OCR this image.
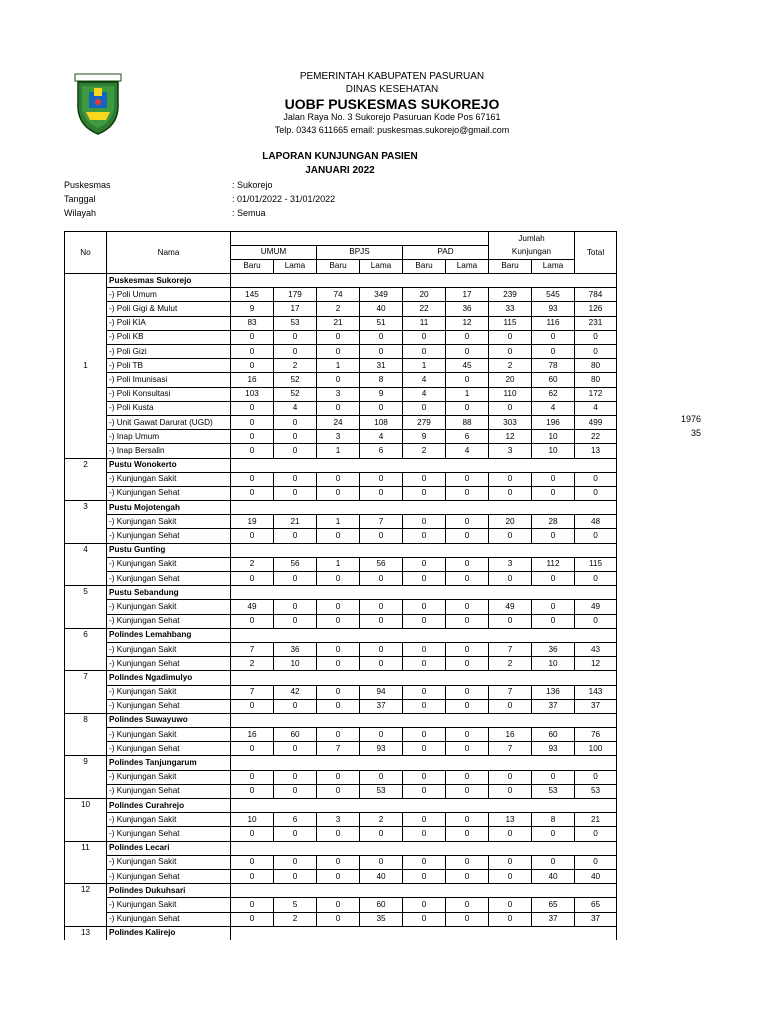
PEMERINTAH KABUPATEN PASURUAN
DINAS KESEHATAN
UOBF PUSKESMAS SUKOREJO
Jalan Raya No. 3 Sukorejo Pasuruan Kode Pos 67161
Telp. 0343 611665 email: puskesmas.sukorejo@gmail.com
LAPORAN KUNJUNGAN PASIEN
JANUARI 2022
Puskesmas	: Sukorejo
Tanggal	: 01/01/2022 - 31/01/2022
Wilayah	: Semua
1976
35
No	Nama							Jumlah		Total
		UMUM		BPJS		PAD		Kunjungan		
		Baru	Lama	Baru	Lama	Baru	Lama	Baru	Lama	
1	Puskesmas Sukorejo									
	-) Poli Umum	145	179	74	349	20	17	239	545	784
	-) Poli Gigi & Mulut	9	17	2	40	22	36	33	93	126
	-) Poli KIA	83	53	21	51	11	12	115	116	231
	-) Poli KB	0	0	0	0	0	0	0	0	0
	-) Poli Gizi	0	0	0	0	0	0	0	0	0
	-) Poli TB	0	2	1	31	1	45	2	78	80
	-) Poli Imunisasi	16	52	0	8	4	0	20	60	80
	-) Poli Konsultasi	103	52	3	9	4	1	110	62	172
	-) Poli Kusta	0	4	0	0	0	0	0	4	4
	-) Unit Gawat Darurat (UGD)	0	0	24	108	279	88	303	196	499
	-) Inap Umum	0	0	3	4	9	6	12	10	22
	-) Inap Bersalin	0	0	1	6	2	4	3	10	13
2	Pustu Wonokerto									
	-) Kunjungan Sakit	0	0	0	0	0	0	0	0	0
	-) Kunjungan Sehat	0	0	0	0	0	0	0	0	0
3	Pustu Mojotengah									
	-) Kunjungan Sakit	19	21	1	7	0	0	20	28	48
	-) Kunjungan Sehat	0	0	0	0	0	0	0	0	0
4	Pustu Gunting									
	-) Kunjungan Sakit	2	56	1	56	0	0	3	112	115
	-) Kunjungan Sehat	0	0	0	0	0	0	0	0	0
5	Pustu Sebandung									
	-) Kunjungan Sakit	49	0	0	0	0	0	49	0	49
	-) Kunjungan Sehat	0	0	0	0	0	0	0	0	0
6	Polindes Lemahbang									
	-) Kunjungan Sakit	7	36	0	0	0	0	7	36	43
	-) Kunjungan Sehat	2	10	0	0	0	0	2	10	12
7	Polindes Ngadimulyo									
	-) Kunjungan Sakit	7	42	0	94	0	0	7	136	143
	-) Kunjungan Sehat	0	0	0	37	0	0	0	37	37
8	Polindes Suwayuwo									
	-) Kunjungan Sakit	16	60	0	0	0	0	16	60	76
	-) Kunjungan Sehat	0	0	7	93	0	0	7	93	100
9	Polindes Tanjungarum									
	-) Kunjungan Sakit	0	0	0	0	0	0	0	0	0
	-) Kunjungan Sehat	0	0	0	53	0	0	0	53	53
10	Polindes Curahrejo									
	-) Kunjungan Sakit	10	6	3	2	0	0	13	8	21
	-) Kunjungan Sehat	0	0	0	0	0	0	0	0	0
11	Polindes Lecari									
	-) Kunjungan Sakit	0	0	0	0	0	0	0	0	0
	-) Kunjungan Sehat	0	0	0	40	0	0	0	40	40
12	Polindes Dukuhsari									
	-) Kunjungan Sakit	0	5	0	60	0	0	0	65	65
	-) Kunjungan Sehat	0	2	0	35	0	0	0	37	37
13	Polindes Kalirejo									
